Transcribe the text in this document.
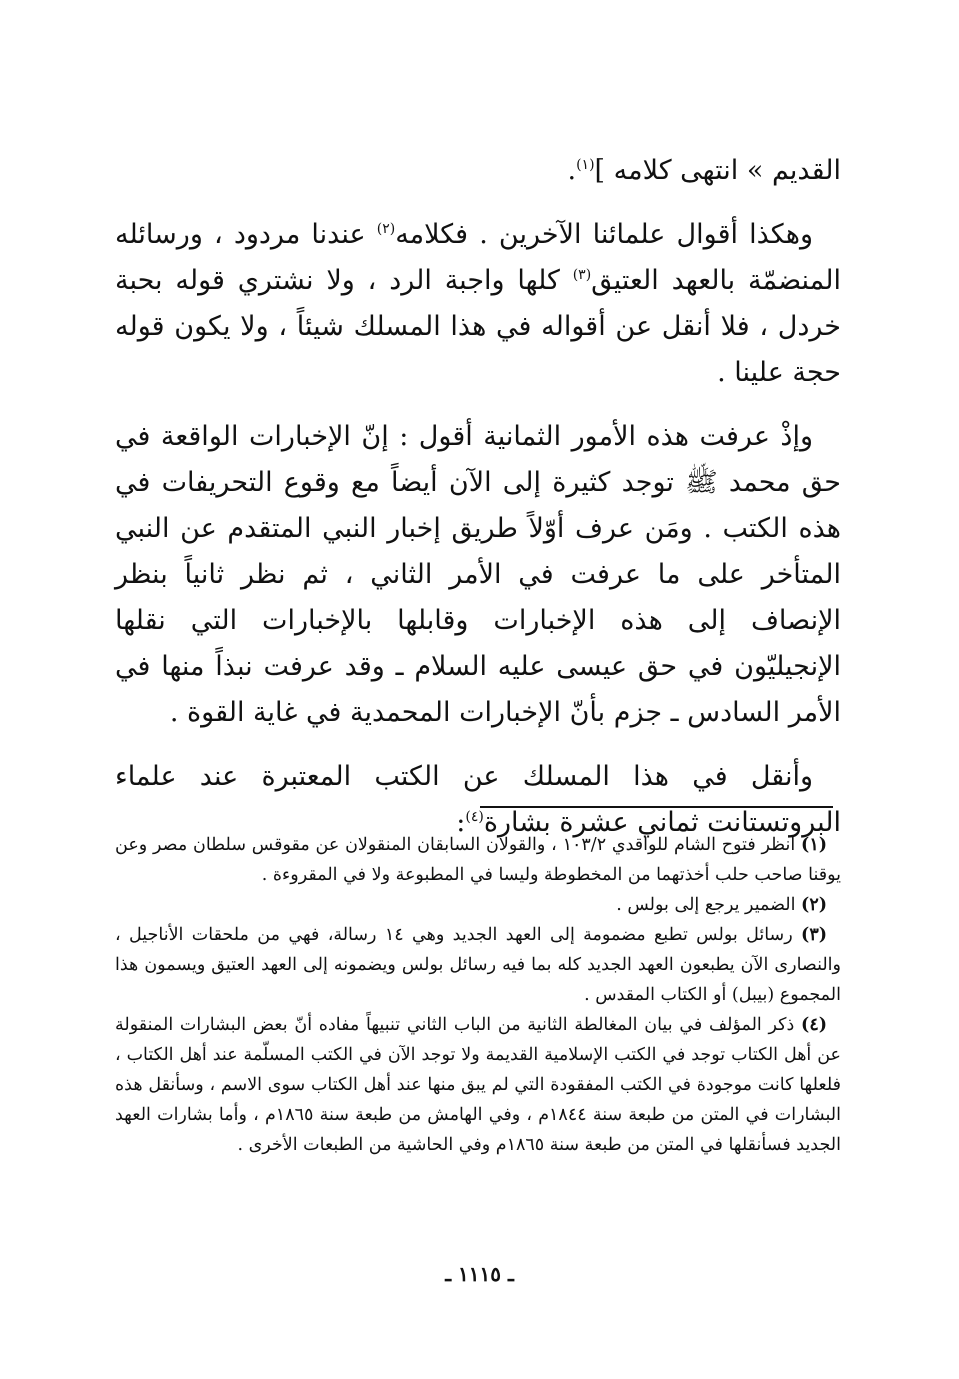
القديم » انتهى كلامه ]$^{(١)}$.

وهكذا أقوال علمائنا الآخرين . فكلامه$^{(٢)}$ عندنا مردود ، ورسائله المنضمّة بالعهد العتيق$^{(٣)}$ كلها واجبة الرد ، ولا نشتري قوله بحبة خردل ، فلا أنقل عن أقواله في هذا المسلك شيئاً ، ولا يكون قوله حجة علينا .

وإذْ عرفت هذه الأمور الثمانية أقول : إنّ الإخبارات الواقعة في حق محمد ﷺ توجد كثيرة إلى الآن أيضاً مع وقوع التحريفات في هذه الكتب . ومَن عرف أوّلاً طريق إخبار النبي المتقدم عن النبي المتأخر على ما عرفت في الأمر الثاني ، ثم نظر ثانياً بنظر الإنصاف إلى هذه الإخبارات وقابلها بالإخبارات التي نقلها الإنجيليّون في حق عيسى عليه السلام ـ وقد عرفت نبذاً منها في الأمر السادس ـ جزم بأنّ الإخبارات المحمدية في غاية القوة .

وأنقل في هذا المسلك عن الكتب المعتبرة عند علماء البروتستانت ثماني عشرة بشارة$^{(٤)}$:

(١) انظر فتوح الشام للواقدي ١٠٣/٢ ، والقولان السابقان المنقولان عن مقوقس سلطان مصر وعن يوقنا صاحب حلب أخذتهما من المخطوطة وليسا في المطبوعة ولا في المقروءة .

(٢) الضمير يرجع إلى بولس .

(٣) رسائل بولس تطبع مضمومة إلى العهد الجديد وهي ١٤ رسالة، فهي من ملحقات الأناجيل ، والنصارى الآن يطبعون العهد الجديد كله بما فيه رسائل بولس ويضمونه إلى العهد العتيق ويسمون هذا المجموع (بيبل) أو الكتاب المقدس .

(٤) ذكر المؤلف في بيان المغالطة الثانية من الباب الثاني تنبيهاً مفاده أنّ بعض البشارات المنقولة عن أهل الكتاب توجد في الكتب الإسلامية القديمة ولا توجد الآن في الكتب المسلّمة عند أهل الكتاب ، فلعلها كانت موجودة في الكتب المفقودة التي لم يبق منها عند أهل الكتاب سوى الاسم ، وسأنقل هذه البشارات في المتن من طبعة سنة ١٨٤٤م ، وفي الهامش من طبعة سنة ١٨٦٥م ، وأما بشارات العهد الجديد فسأنقلها في المتن من طبعة سنة ١٨٦٥م وفي الحاشية من الطبعات الأخرى .

ـ ١١١٥ ـ
